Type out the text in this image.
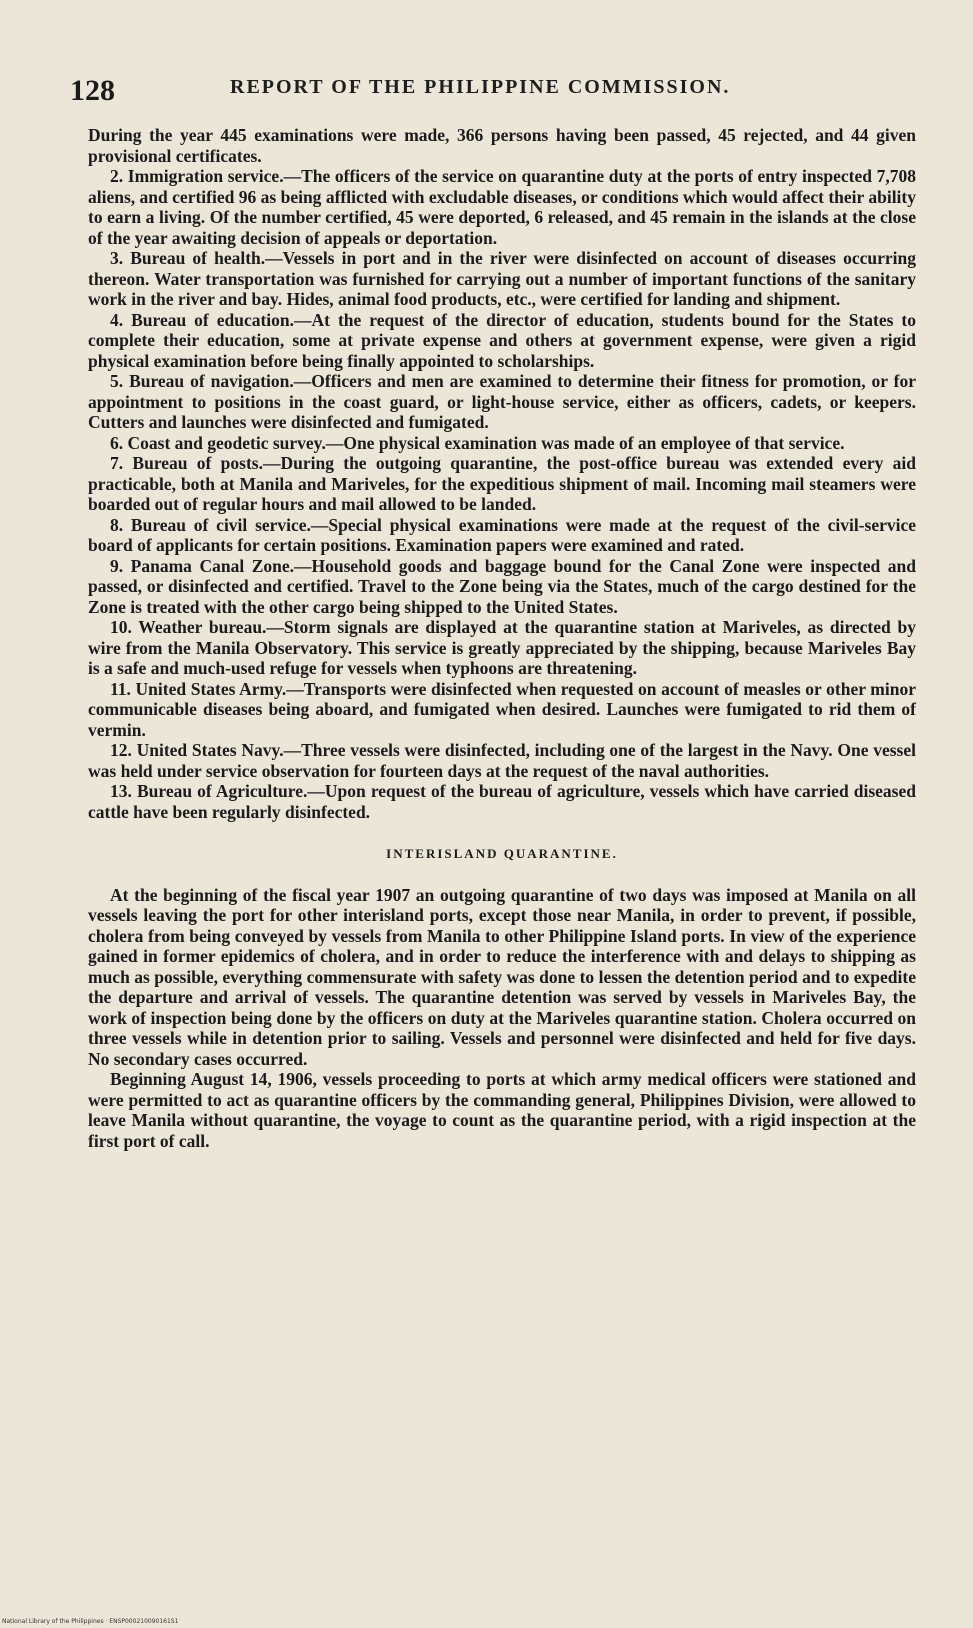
128	REPORT OF THE PHILIPPINE COMMISSION.

During the year 445 examinations were made, 366 persons having been passed, 45 rejected, and 44 given provisional certificates.

2. Immigration service.—The officers of the service on quarantine duty at the ports of entry inspected 7,708 aliens, and certified 96 as being afflicted with excludable diseases, or conditions which would affect their ability to earn a living. Of the number certified, 45 were deported, 6 released, and 45 remain in the islands at the close of the year awaiting decision of appeals or deportation.

3. Bureau of health.—Vessels in port and in the river were disinfected on account of diseases occurring thereon. Water transportation was furnished for carrying out a number of important functions of the sanitary work in the river and bay. Hides, animal food products, etc., were certified for landing and shipment.

4. Bureau of education.—At the request of the director of education, students bound for the States to complete their education, some at private expense and others at government expense, were given a rigid physical examination before being finally appointed to scholarships.

5. Bureau of navigation.—Officers and men are examined to determine their fitness for promotion, or for appointment to positions in the coast guard, or light-house service, either as officers, cadets, or keepers. Cutters and launches were disinfected and fumigated.

6. Coast and geodetic survey.—One physical examination was made of an employee of that service.

7. Bureau of posts.—During the outgoing quarantine, the post-office bureau was extended every aid practicable, both at Manila and Mariveles, for the expeditious shipment of mail. Incoming mail steamers were boarded out of regular hours and mail allowed to be landed.

8. Bureau of civil service.—Special physical examinations were made at the request of the civil-service board of applicants for certain positions. Examination papers were examined and rated.

9. Panama Canal Zone.—Household goods and baggage bound for the Canal Zone were inspected and passed, or disinfected and certified. Travel to the Zone being via the States, much of the cargo destined for the Zone is treated with the other cargo being shipped to the United States.

10. Weather bureau.—Storm signals are displayed at the quarantine station at Mariveles, as directed by wire from the Manila Observatory. This service is greatly appreciated by the shipping, because Mariveles Bay is a safe and much-used refuge for vessels when typhoons are threatening.

11. United States Army.—Transports were disinfected when requested on account of measles or other minor communicable diseases being aboard, and fumigated when desired. Launches were fumigated to rid them of vermin.

12. United States Navy.—Three vessels were disinfected, including one of the largest in the Navy. One vessel was held under service observation for fourteen days at the request of the naval authorities.

13. Bureau of Agriculture.—Upon request of the bureau of agriculture, vessels which have carried diseased cattle have been regularly disinfected.

INTERISLAND QUARANTINE.

At the beginning of the fiscal year 1907 an outgoing quarantine of two days was imposed at Manila on all vessels leaving the port for other interisland ports, except those near Manila, in order to prevent, if possible, cholera from being conveyed by vessels from Manila to other Philippine Island ports. In view of the experience gained in former epidemics of cholera, and in order to reduce the interference with and delays to shipping as much as possible, everything commensurate with safety was done to lessen the detention period and to expedite the departure and arrival of vessels. The quarantine detention was served by vessels in Mariveles Bay, the work of inspection being done by the officers on duty at the Mariveles quarantine station. Cholera occurred on three vessels while in detention prior to sailing. Vessels and personnel were disinfected and held for five days. No secondary cases occurred.

Beginning August 14, 1906, vessels proceeding to ports at which army medical officers were stationed and were permitted to act as quarantine officers by the commanding general, Philippines Division, were allowed to leave Manila without quarantine, the voyage to count as the quarantine period, with a rigid inspection at the first port of call.

National Library of the Philippines · ENSP000210090161S1
